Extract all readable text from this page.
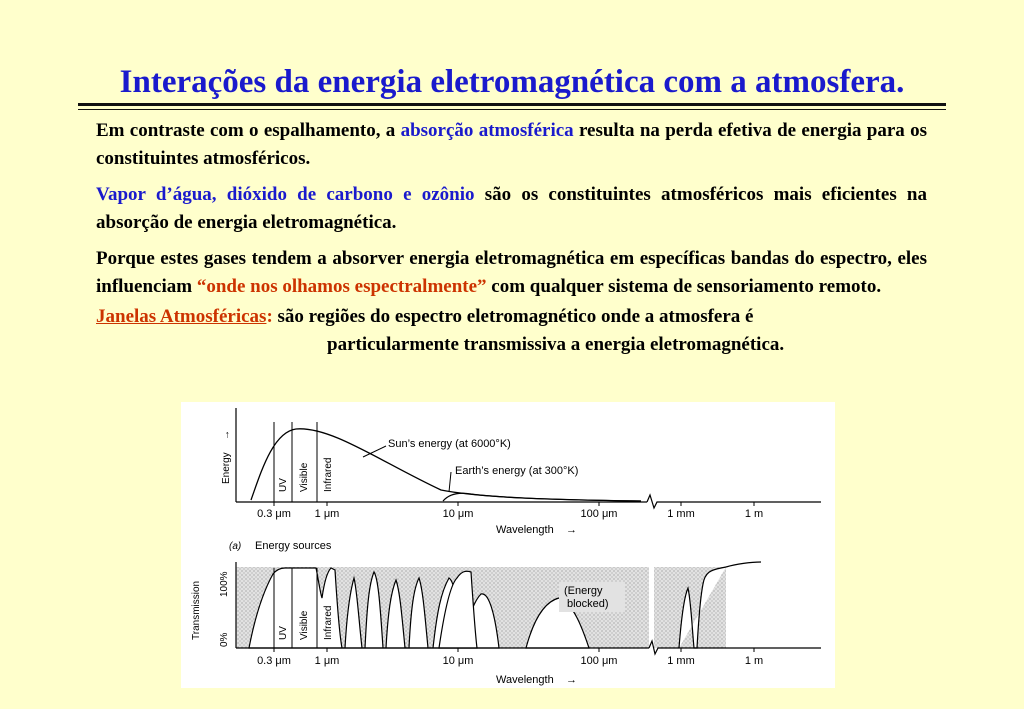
Interações da energia eletromagnética com a atmosfera.

Em contraste com o espalhamento, a absorção atmosférica resulta na perda efetiva de energia para os constituintes atmosféricos.

Vapor d’água, dióxido de carbono e ozônio são os constituintes atmosféricos mais eficientes na absorção de energia eletromagnética.

Porque estes gases tendem a absorver energia eletromagnética em específicas bandas do espectro, eles influenciam “onde nos olhamos espectralmente” com qualquer sistema de sensoriamento remoto.

Janelas Atmosféricas: são regiões do espectro eletromagnético onde a atmosfera é
particularmente transmissiva a energia eletromagnética.
Energy
→
UV Visible Infrared
Sun’s energy (at 6000°K)
Earth’s energy (at 300°K)
0.3 μm 1 μm	10 μm	100 μm	1 mm	1 m
Wavelength →
(a) Energy sources
Transmission 100%
0%	UV Visible Infrared
(Energy
blocked)
0.3 μm 1 μm	10 μm	100 μm	1 mm	1 m
Wavelength →
